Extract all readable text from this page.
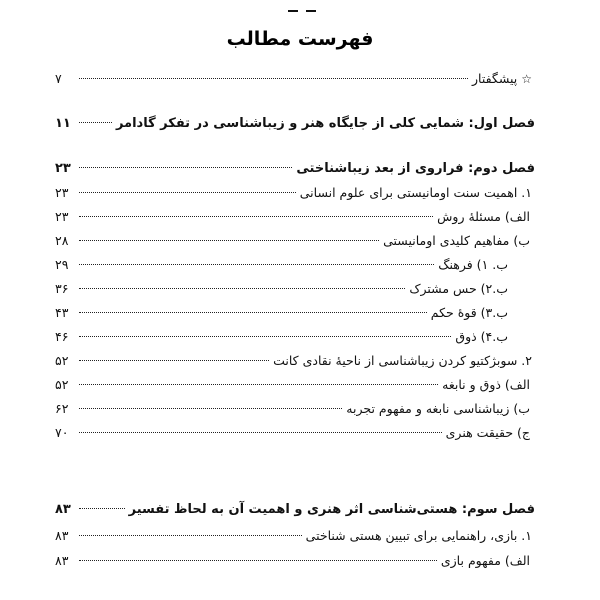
فهرست مطالب
☆پیشگفتار
۷
فصل اول: شمایی کلی از جایگاه هنر و زیباشناسی در تفکر گادامر
۱۱
فصل دوم: فراروی از بعد زیباشناختی
۲۳
۱. اهمیت سنت اومانیستی برای علوم انسانی
۲۳
الف) مسئلهٔ روش
۲۳
ب) مفاهیم کلیدی اومانیستی
۲۸
ب. ۱) فرهنگ
۲۹
ب.۲) حس مشترک
۳۶
ب.۳) قوهٔ حکم
۴۳
ب.۴) ذوق
۴۶
۲. سوبژکتیو کردن زیباشناسی از ناحیهٔ نقادی کانت
۵۲
الف) ذوق و نابغه
۵۲
ب) زیباشناسی نابغه و مفهوم تجربه
۶۲
ج) حقیقت هنری
۷۰
فصل سوم: هستی‌شناسی اثر هنری و اهمیت آن به لحاظ تفسیر
۸۳
۱. بازی، راهنمایی برای تبیین هستی شناختی
۸۳
الف) مفهوم بازی
۸۳
